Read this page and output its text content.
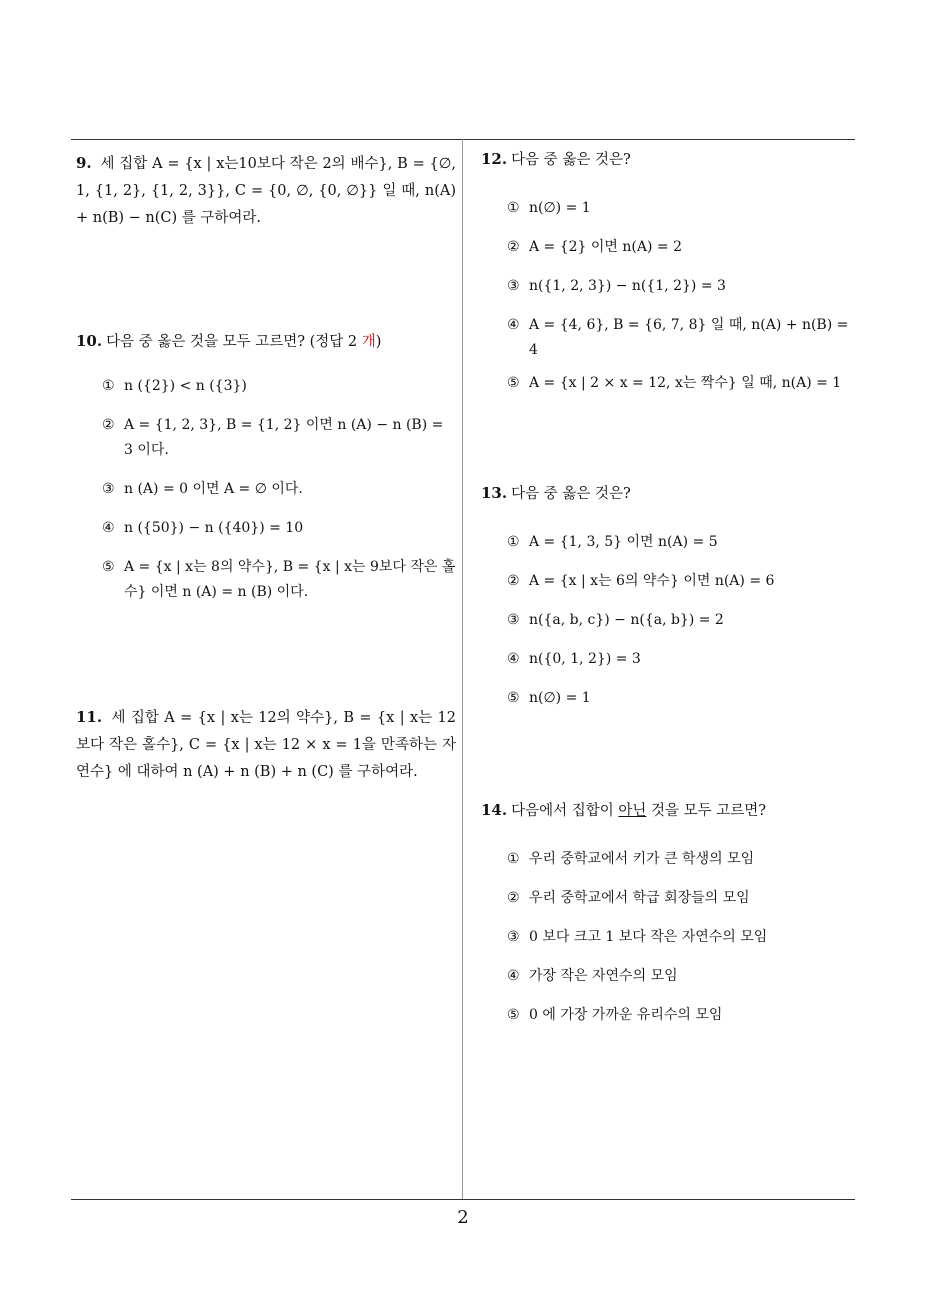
9. 세 집합 A = {x | x는10보다 작은 2의 배수}, B = {∅, 1, {1, 2}, {1, 2, 3}}, C = {0, ∅, {0, ∅}} 일 때, n(A) + n(B) − n(C) 를 구하여라.
10. 다음 중 옳은 것을 모두 고르면? (정답 2 개)
① n ({2}) < n ({3})
② A = {1, 2, 3}, B = {1, 2} 이면 n (A) − n (B) = 3 이다.
③ n (A) = 0 이면 A = ∅ 이다.
④ n ({50}) − n ({40}) = 10
⑤ A = {x | x는 8의 약수}, B = {x | x는 9보다 작은 홀수} 이면 n (A) = n (B) 이다.
11. 세 집합 A = {x | x는 12의 약수}, B = {x | x는 12보다 작은 홀수}, C = {x | x는 12 × x = 1을 만족하는 자연수} 에 대하여 n (A) + n (B) + n (C) 를 구하여라.
12. 다음 중 옳은 것은?
① n(∅) = 1
② A = {2} 이면 n(A) = 2
③ n({1, 2, 3}) − n({1, 2}) = 3
④ A = {4, 6}, B = {6, 7, 8} 일 때, n(A) + n(B) = 4
⑤ A = {x | 2 × x = 12, x는 짝수} 일 때, n(A) = 1
13. 다음 중 옳은 것은?
① A = {1, 3, 5} 이면 n(A) = 5
② A = {x | x는 6의 약수} 이면 n(A) = 6
③ n({a, b, c}) − n({a, b}) = 2
④ n({0, 1, 2}) = 3
⑤ n(∅) = 1
14. 다음에서 집합이 아닌 것을 모두 고르면?
① 우리 중학교에서 키가 큰 학생의 모임
② 우리 중학교에서 학급 회장들의 모임
③ 0 보다 크고 1 보다 작은 자연수의 모임
④ 가장 작은 자연수의 모임
⑤ 0 에 가장 가까운 유리수의 모임
2
